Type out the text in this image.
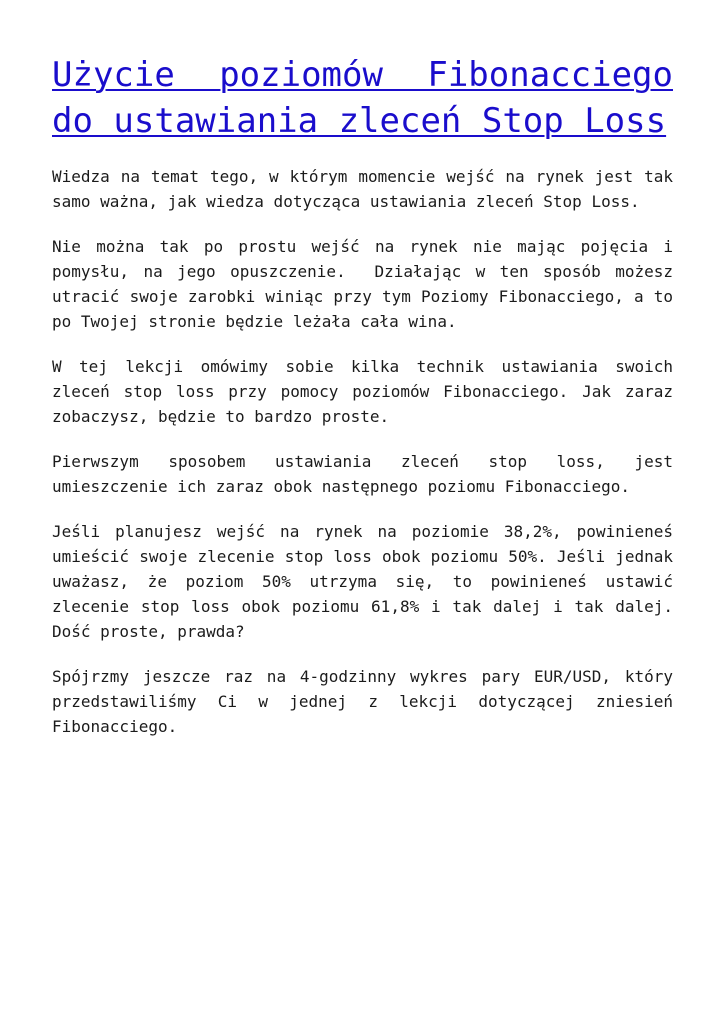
Użycie poziomów Fibonacciego do ustawiania zleceń Stop Loss

Wiedza na temat tego, w którym momencie wejść na rynek jest tak samo ważna, jak wiedza dotycząca ustawiania zleceń Stop Loss.

Nie można tak po prostu wejść na rynek nie mając pojęcia i pomysłu, na jego opuszczenie.  Działając w ten sposób możesz utracić swoje zarobki winiąc przy tym Poziomy Fibonacciego, a to po Twojej stronie będzie leżała cała wina.

W tej lekcji omówimy sobie kilka technik ustawiania swoich zleceń stop loss przy pomocy poziomów Fibonacciego. Jak zaraz zobaczysz, będzie to bardzo proste.

Pierwszym sposobem ustawiania zleceń stop loss, jest umieszczenie ich zaraz obok następnego poziomu Fibonacciego.

Jeśli planujesz wejść na rynek na poziomie 38,2%, powinieneś umieścić swoje zlecenie stop loss obok poziomu 50%. Jeśli jednak uważasz, że poziom 50% utrzyma się, to powinieneś ustawić zlecenie stop loss obok poziomu 61,8% i tak dalej i tak dalej. Dość proste, prawda?

Spójrzmy jeszcze raz na 4-godzinny wykres pary EUR/USD, który przedstawiliśmy Ci w jednej z lekcji dotyczącej zniesień Fibonacciego.
